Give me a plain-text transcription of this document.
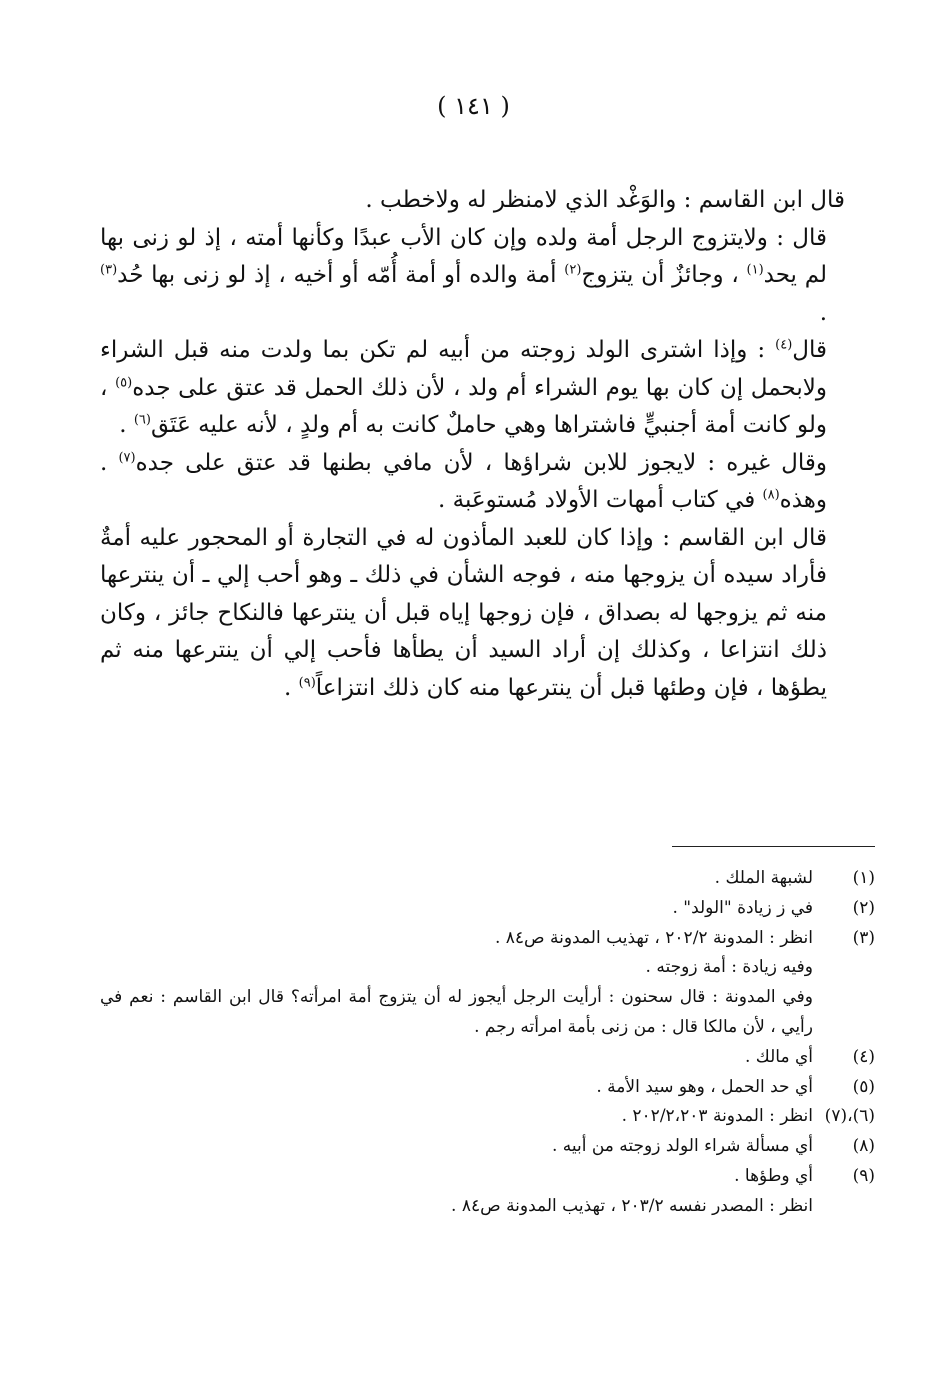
( ١٤١ )

قال ابن القاسم : والوَغْد الذي لامنظر له ولاخطب .

قال : ولايتزوج الرجل أمة ولده وإن كان الأب عبدًا وكأنها أمته ، إذ لو زنى بها لم يحد$^{(١)}$ ، وجائزٌ أن يتزوج$^{(٢)}$ أمة والده أو أمة أُمّه أو أخيه ، إذ لو زنى بها حُد$^{(٣)}$ .

قال$^{(٤)}$ : وإذا اشترى الولد زوجته من أبيه لم تكن بما ولدت منه قبل الشراء ولابحمل إن كان بها يوم الشراء أم ولد ، لأن ذلك الحمل قد عتق على جده$^{(٥)}$ ، ولو كانت أمة أجنبيٍّ فاشتراها وهي حاملٌ كانت به أم ولدٍ ، لأنه عليه عَتَق$^{(٦)}$ .

وقال غيره : لايجوز للابن شراؤها ، لأن مافي بطنها قد عتق على جده$^{(٧)}$ . وهذه$^{(٨)}$ في كتاب أمهات الأولاد مُستوعَبة .

قال ابن القاسم : وإذا كان للعبد المأذون له في التجارة أو المحجور عليه أمةٌ فأراد سيده أن يزوجها منه ، فوجه الشأن في ذلك ـ وهو أحب إلي ـ أن ينترعها منه ثم يزوجها له بصداق ، فإن زوجها إياه قبل أن ينترعها فالنكاح جائز ، وكان ذلك انتزاعا ، وكذلك إن أراد السيد أن يطأها فأحب إلي أن ينترعها منه ثم يطؤها ، فإن وطئها قبل أن ينترعها منه كان ذلك انتزاعاً$^{(٩)}$ .

(١)
لشبهة الملك .
(٢)
في ز زيادة "الولد" .
(٣)
انظر : المدونة ٢٠٢/٢ ، تهذيب المدونة ص٨٤ .
وفيه زيادة : أمة زوجته .
وفي المدونة : قال سحنون : أرأيت الرجل أيجوز له أن يتزوج أمة امرأته؟ قال ابن القاسم : نعم في رأيي ، لأن مالكا قال : من زنى بأمة امرأته رجم .
(٤)
أي مالك .
(٥)
أي حد الحمل ، وهو سيد الأمة .
(٦)،(٧)
انظر : المدونة ٢٠٢/٢،٢٠٣ .
(٨)
أي مسألة شراء الولد زوجته من أبيه .
(٩)
أي وطؤها .
انظر : المصدر نفسه ٢٠٣/٢ ، تهذيب المدونة ص٨٤ .
